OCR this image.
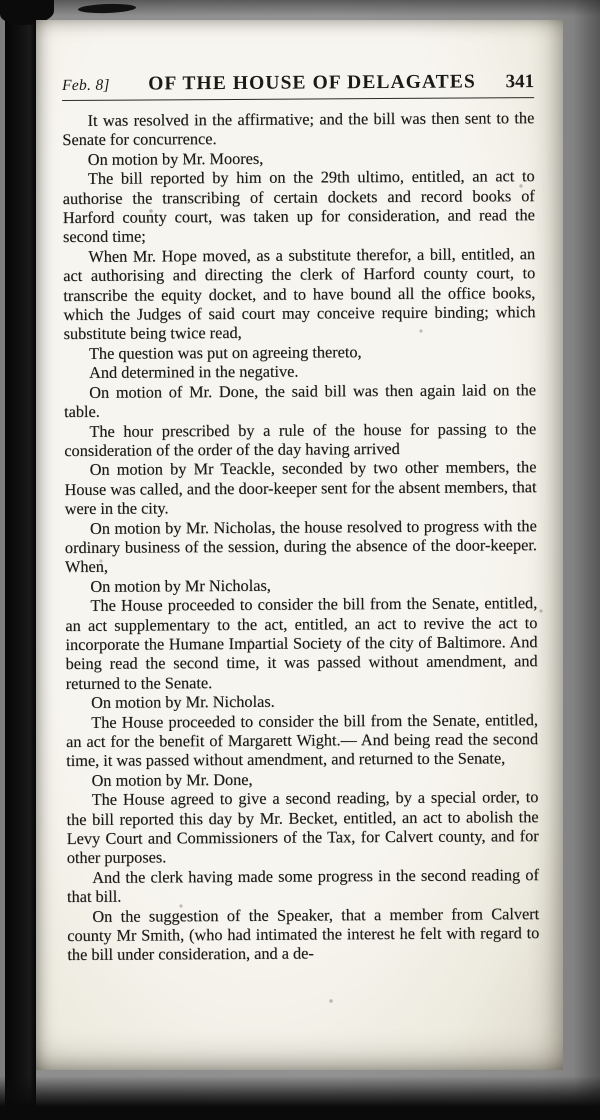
Feb. 8]	OF THE HOUSE OF DELAGATES	341

It was resolved in the affirmative; and the bill was then sent to the Senate for concurrence.

On motion by Mr. Moores,

The bill reported by him on the 29th ultimo, entitled, an act to authorise the transcribing of certain dockets and record books of Harford county court, was taken up for consideration, and read the second time;

When Mr. Hope moved, as a substitute therefor, a bill, entitled, an act authorising and directing the clerk of Harford county court, to transcribe the equity docket, and to have bound all the office books, which the Judges of said court may conceive require binding; which substitute being twice read,

The question was put on agreeing thereto,

And determined in the negative.

On motion of Mr. Done, the said bill was then again laid on the table.

The hour prescribed by a rule of the house for passing to the consideration of the order of the day having arrived

On motion by Mr Teackle, seconded by two other members, the House was called, and the door-keeper sent for the absent members, that were in the city.

On motion by Mr. Nicholas, the house resolved to progress with the ordinary business of the session, during the absence of the door-keeper. When,

On motion by Mr Nicholas,

The House proceeded to consider the bill from the Senate, entitled, an act supplementary to the act, entitled, an act to revive the act to incorporate the Humane Impartial Society of the city of Baltimore. And being read the second time, it was passed without amendment, and returned to the Senate.

On motion by Mr. Nicholas.

The House proceeded to consider the bill from the Senate, entitled, an act for the benefit of Margarett Wight.— And being read the second time, it was passed without amendment, and returned to the Senate,

On motion by Mr. Done,

The House agreed to give a second reading, by a special order, to the bill reported this day by Mr. Becket, entitled, an act to abolish the Levy Court and Commissioners of the Tax, for Calvert county, and for other purposes.

And the clerk having made some progress in the second reading of that bill.

On the suggestion of the Speaker, that a member from Calvert county Mr Smith, (who had intimated the interest he felt with regard to the bill under consideration, and a de-
